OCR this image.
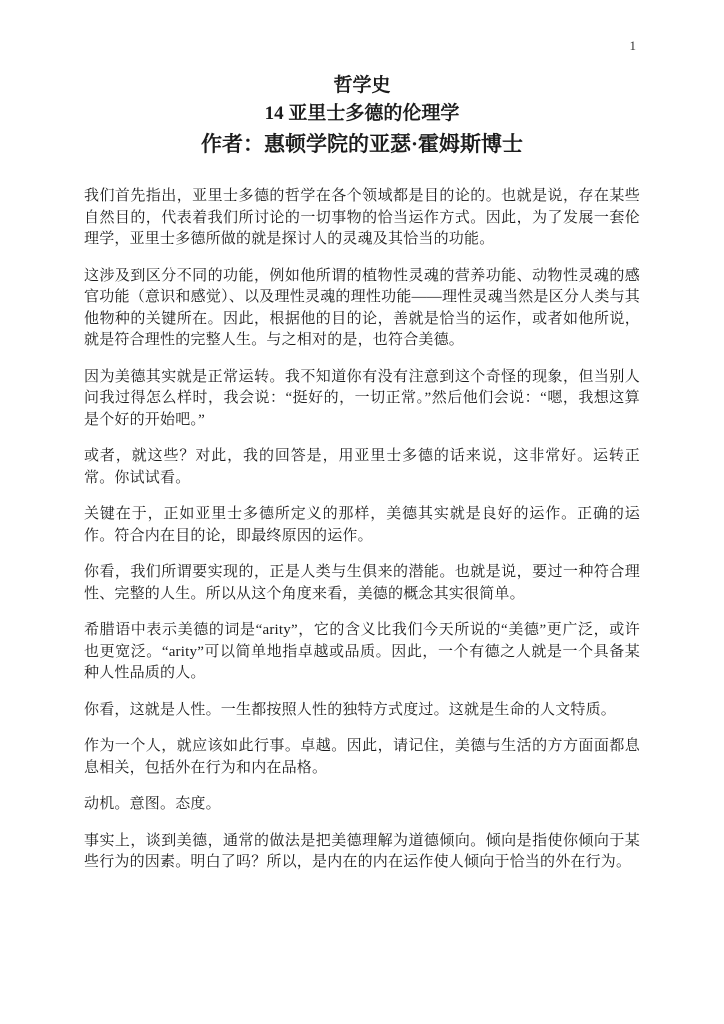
1
哲学史
14 亚里士多德的伦理学
作者：惠顿学院的亚瑟·霍姆斯博士

我们首先指出，亚里士多德的哲学在各个领域都是目的论的。也就是说，存在某些自然目的，代表着我们所讨论的一切事物的恰当运作方式。因此，为了发展一套伦理学，亚里士多德所做的就是探讨人的灵魂及其恰当的功能。

这涉及到区分不同的功能，例如他所谓的植物性灵魂的营养功能、动物性灵魂的感官功能（意识和感觉）、以及理性灵魂的理性功能——理性灵魂当然是区分人类与其他物种的关键所在。因此，根据他的目的论，善就是恰当的运作，或者如他所说，就是符合理性的完整人生。与之相对的是，也符合美德。

因为美德其实就是正常运转。我不知道你有没有注意到这个奇怪的现象，但当别人问我过得怎么样时，我会说：“挺好的，一切正常。”然后他们会说：“嗯，我想这算是个好的开始吧。”

或者，就这些？对此，我的回答是，用亚里士多德的话来说，这非常好。运转正常。你试试看。

关键在于，正如亚里士多德所定义的那样，美德其实就是良好的运作。正确的运作。符合内在目的论，即最终原因的运作。

你看，我们所谓要实现的，正是人类与生俱来的潜能。也就是说，要过一种符合理性、完整的人生。所以从这个角度来看，美德的概念其实很简单。

希腊语中表示美德的词是“arity”，它的含义比我们今天所说的“美德”更广泛，或许也更宽泛。“arity”可以简单地指卓越或品质。因此，一个有德之人就是一个具备某种人性品质的人。

你看，这就是人性。一生都按照人性的独特方式度过。这就是生命的人文特质。

作为一个人，就应该如此行事。卓越。因此，请记住，美德与生活的方方面面都息息相关，包括外在行为和内在品格。

动机。意图。态度。

事实上，谈到美德，通常的做法是把美德理解为道德倾向。倾向是指使你倾向于某些行为的因素。明白了吗？所以，是内在的内在运作使人倾向于恰当的外在行为。
